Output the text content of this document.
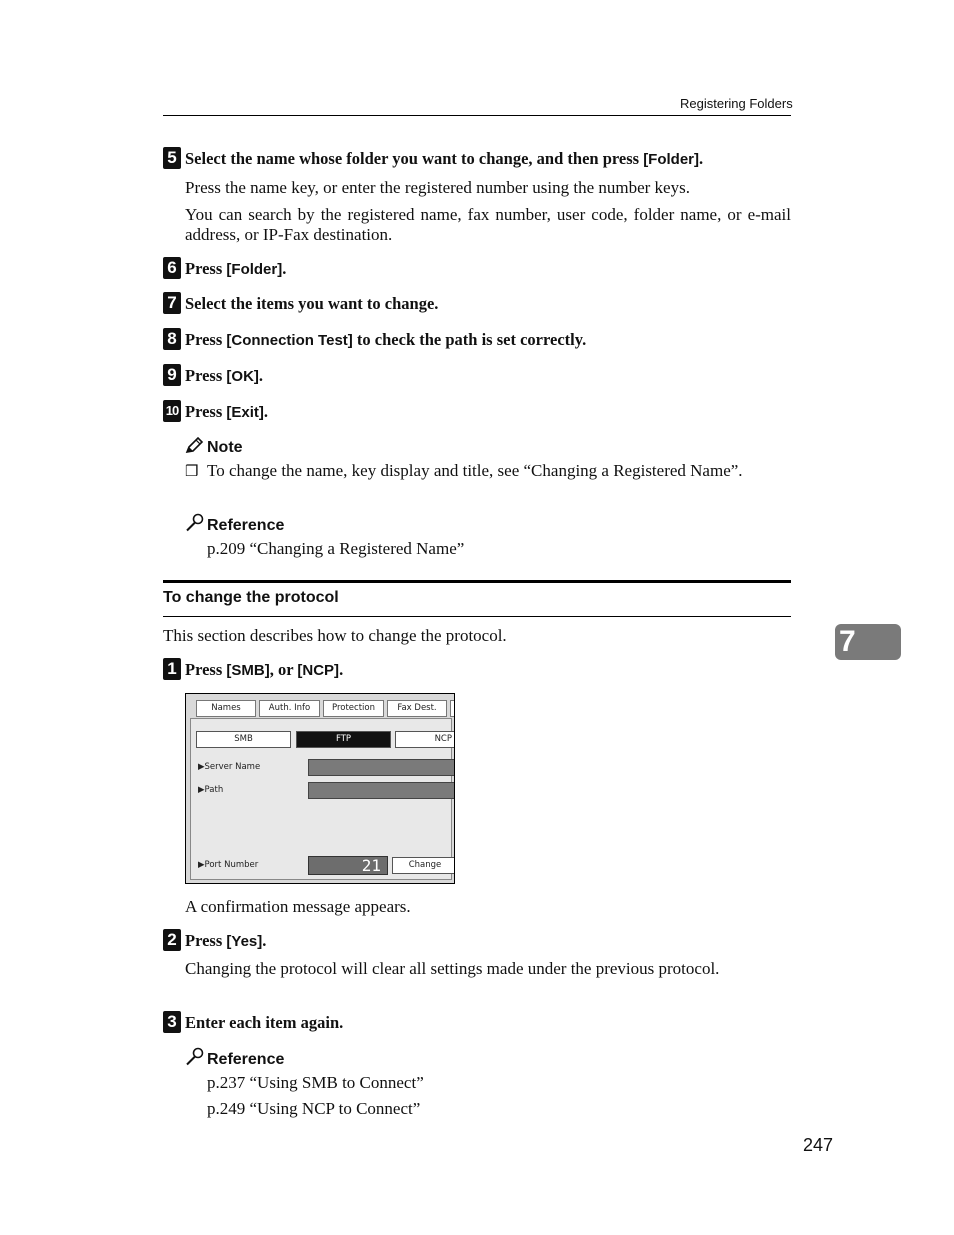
Registering Folders
5 Select the name whose folder you want to change, and then press [Folder].
Press the name key, or enter the registered number using the number keys.
You can search by the registered name, fax number, user code, folder name, or e-mail address, or IP-Fax destination.
6 Press [Folder].
7 Select the items you want to change.
8 Press [Connection Test] to check the path is set correctly.
9 Press [OK].
10 Press [Exit].
Note
❒ To change the name, key display and title, see “Changing a Registered Name”.
Reference
p.209 “Changing a Registered Name”
To change the protocol
This section describes how to change the protocol.	7
1 Press [SMB], or [NCP].
Names	Auth. Info	Protection	Fax Dest.
SMB	FTP	NCP
▶Server Name
▶Path
▶Port Number	21	Change
A confirmation message appears.
2 Press [Yes].
Changing the protocol will clear all settings made under the previous protocol.
3 Enter each item again.
Reference
p.237 “Using SMB to Connect”
p.249 “Using NCP to Connect”
247
